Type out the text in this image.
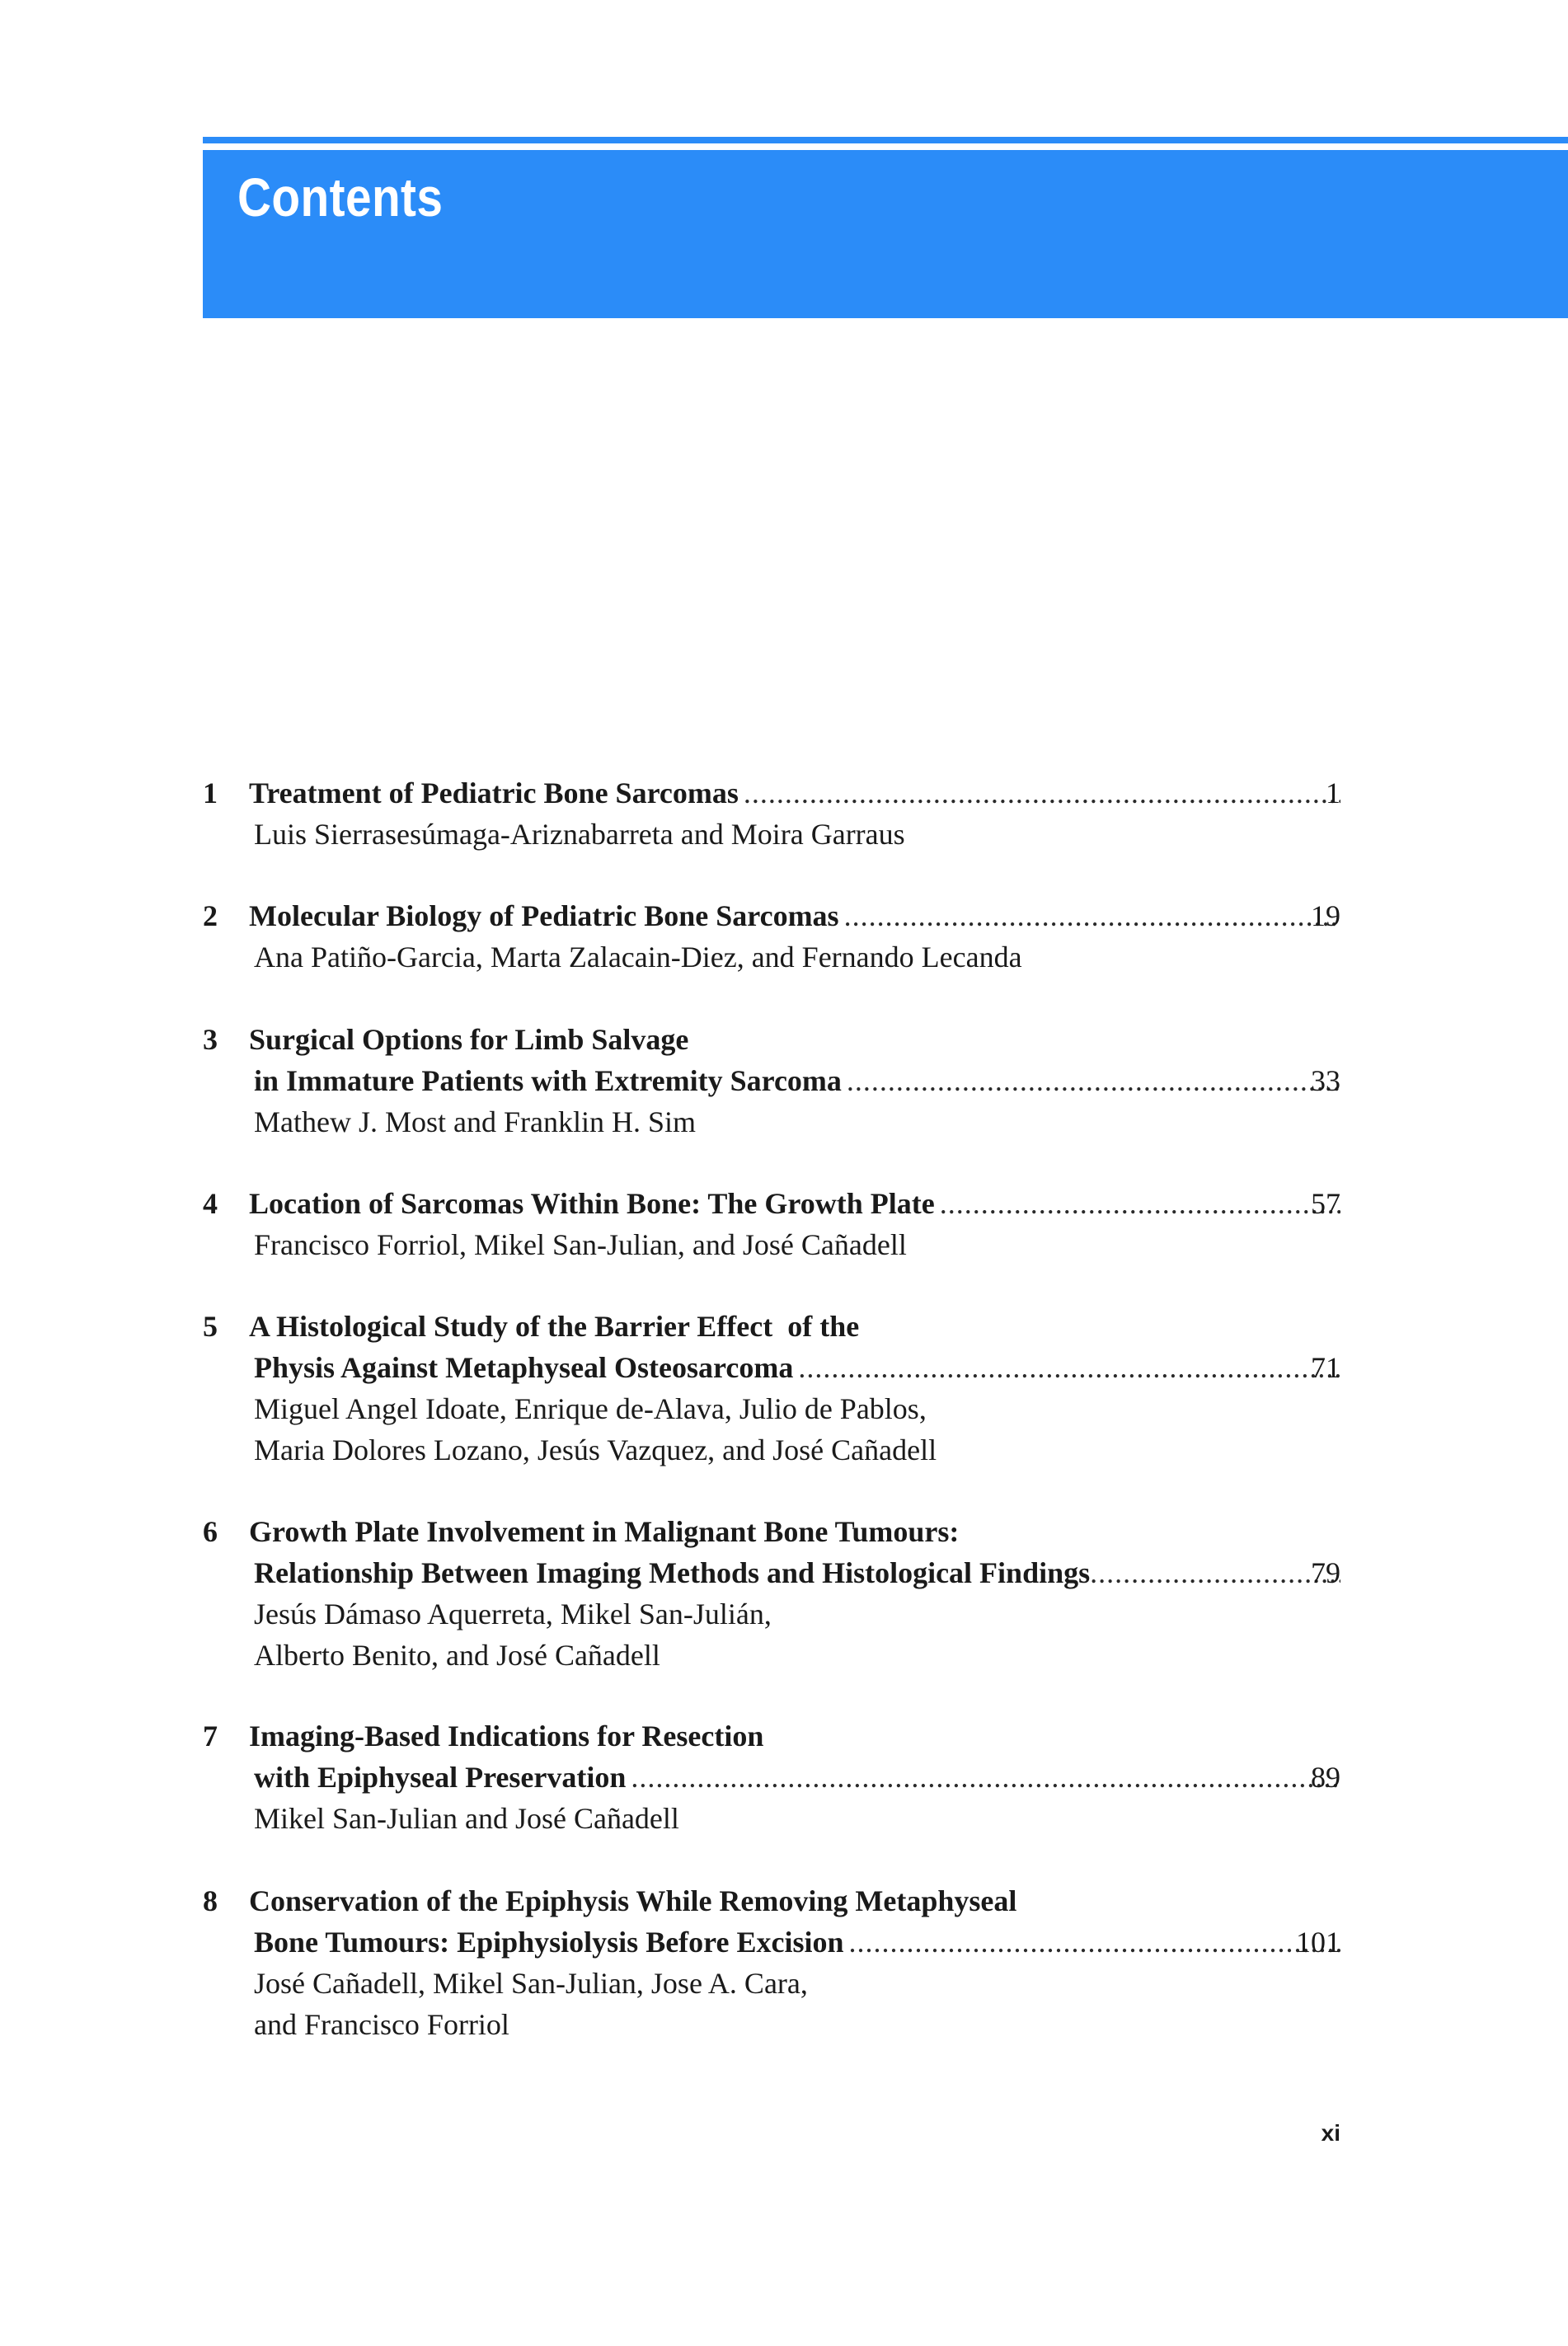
Contents
1 Treatment of Pediatric Bone Sarcomas .....	1
Luis Sierrasesúmaga-Ariznabarreta and Moira Garraus
2 Molecular Biology of Pediatric Bone Sarcomas .....	19
Ana Patiño-Garcia, Marta Zalacain-Diez, and Fernando Lecanda
3 Surgical Options for Limb Salvage
in Immature Patients with Extremity Sarcoma .....	33
Mathew J. Most and Franklin H. Sim
4 Location of Sarcomas Within Bone: The Growth Plate .....	57
Francisco Forriol, Mikel San-Julian, and José Cañadell
5 A Histological Study of the Barrier Effect  of the
Physis Against Metaphyseal Osteosarcoma .....	71
Miguel Angel Idoate, Enrique de-Alava, Julio de Pablos,
Maria Dolores Lozano, Jesús Vazquez, and José Cañadell
6 Growth Plate Involvement in Malignant Bone Tumours:
Relationship Between Imaging Methods and Histological Findings .....	79
Jesús Dámaso Aquerreta, Mikel San-Julián,
Alberto Benito, and José Cañadell
7 Imaging-Based Indications for Resection
with Epiphyseal Preservation .....	89
Mikel San-Julian and José Cañadell
8 Conservation of the Epiphysis While Removing Metaphyseal
Bone Tumours: Epiphysiolysis Before Excision .....	101
José Cañadell, Mikel San-Julian, Jose A. Cara,
and Francisco Forriol
xi
